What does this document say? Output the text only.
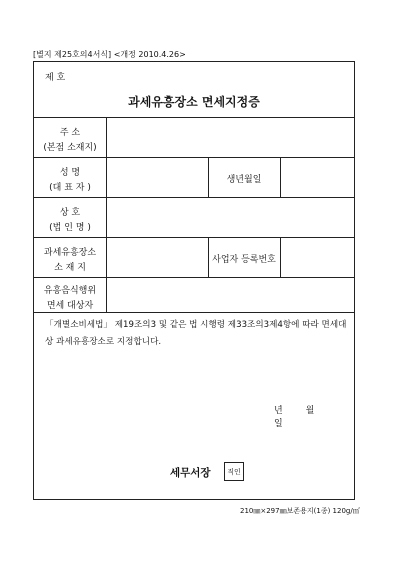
[별지 제25호의4서식] <개정 2010.4.26>
제 호
과세유흥장소 면세지정증
주 소
(본점 소재지)
성 명
(대 표 자 )
생년월일
상 호
(법 인 명 )
과세유흥장소
소 재 지
사업자 등록번호
유흥음식행위
면세 대상자
「개별소비세법」 제19조의3 및 같은 법 시행령 제33조의3제4항에 따라 면세대상 과세유흥장소로 지정합니다.
년	월 일
세무서장	직인
210㎜×297㎜보존용지(1종) 120g/㎡
